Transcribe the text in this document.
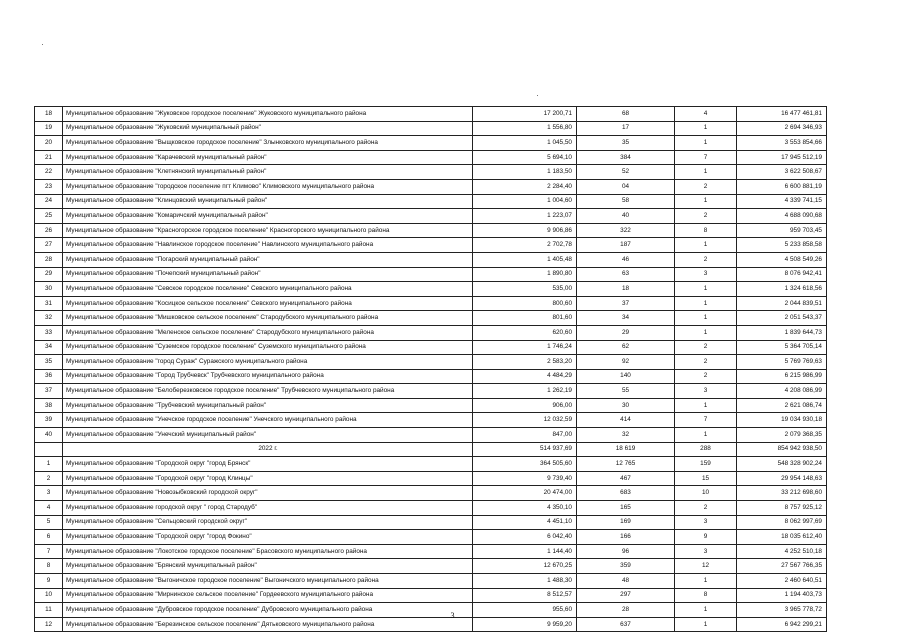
18	Муниципальное образование "Жуковское городское поселение" Жуковского муниципального района	17 200,71	68	4	16 477 461,81
19	Муниципальное образование "Жуковский муниципальный район"	1 556,80	17	1	2 694 346,93
20	Муниципальное образование "Выщковское городское поселение" Злынковского муниципального района	1 045,50	35	1	3 553 854,66
21	Муниципальное образование "Карачевский муниципальный район"	5 694,10	384	7	17 945 512,19
22	Муниципальное образование "Клетнянский муниципальный район"	1 183,50	52	1	3 622 508,67
23	Муниципальное образование "городское поселение пгт Климово" Климовского муниципального района	2 284,40	04	2	6 600 881,19
24	Муниципальное образование "Клинцовский муниципальный район"	1 004,60	58	1	4 339 741,15
25	Муниципальное образование "Комаричский муниципальный район"	1 223,07	40	2	4 688 090,68
26	Муниципальное образование "Красногорское городское поселение" Красногорского муниципального района	9 906,86	322	8	959 703,45
27	Муниципальное образование "Навлинское городское поселение" Навлинского муниципального района	2 702,78	187	1	5 233 858,58
28	Муниципальное образование "Погарский муниципальный район"	1 405,48	46	2	4 508 549,26
29	Муниципальное образование "Почепский муниципальный район"	1 890,80	63	3	8 076 942,41
30	Муниципальное образование "Севское городское поселение" Севского муниципального района	535,00	18	1	1 324 618,56
31	Муниципальное образование "Косицкое сельское поселение" Севского муниципального района	800,60	37	1	2 044 839,51
32	Муниципальное образование "Мишковское сельское поселение" Стародубского муниципального района	801,60	34	1	2 051 543,37
33	Муниципальное образование "Меленское сельское поселение" Стародубского муниципального района	620,60	29	1	1 839 644,73
34	Муниципальное образование "Суземское городское поселение" Суземского муниципального района	1 746,24	62	2	5 364 705,14
35	Муниципальное образование "город Сураж" Суражского муниципального района	2 583,20	92	2	5 769 769,63
36	Муниципальное образование "Город Трубчевск" Трубчевского муниципального района	4 484,29	140	2	6 215 986,99
37	Муниципальное образование "Белоберезковское городское поселение" Трубчевского муниципального района	1 262,19	55	3	4 208 086,99
38	Муниципальное образование "Трубчевский муниципальный район"	906,00	30	1	2 621 086,74
39	Муниципальное образование "Унечское городское поселение" Унечского муниципального района	12 032,59	414	7	19 034 930,18
40	Муниципальное образование "Унечский муниципальный район"	847,00	32	1	2 079 368,35
	2022 г.	514 937,69	18 619	288	854 942 938,50
1	Муниципальное образование "Городской округ "город Брянск"	364 505,60	12 765	159	548 328 902,24
2	Муниципальное образование "Городской округ "город Клинцы"	9 739,40	467	15	29 954 148,63
3	Муниципальное образование "Новозыбковский городской округ"	20 474,00	683	10	33 212 698,60
4	Муниципальное образование городской округ " город Стародуб"	4 350,10	165	2	8 757 925,12
5	Муниципальное образование "Сельцовский городской округ"	4 451,10	169	3	8 062 997,69
6	Муниципальное образование "Городской округ "город Фокино"	6 042,40	166	9	18 035 612,40
7	Муниципальное образование "Локотское городское поселение" Брасовского муниципального района	1 144,40	96	3	4 252 510,18
8	Муниципальное образование "Брянский муниципальный район"	12 670,25	359	12	27 567 766,35
9	Муниципальное образование "Выгоничское городское поселение" Выгоничского муниципального района	1 488,30	48	1	2 460 640,51
10	Муниципальное образование "Мирнинское сельское поселение" Гордеевского муниципального района	8 512,57	297	8	1 194 403,73
11	Муниципальное образование "Дубровское городское поселение" Дубровского муниципального района	955,60	28	1	3 965 778,72
12	Муниципальное образование "Березинское сельское поселение" Дятьковского муниципального района	9 959,20	637	1	6 942 299,21
3
